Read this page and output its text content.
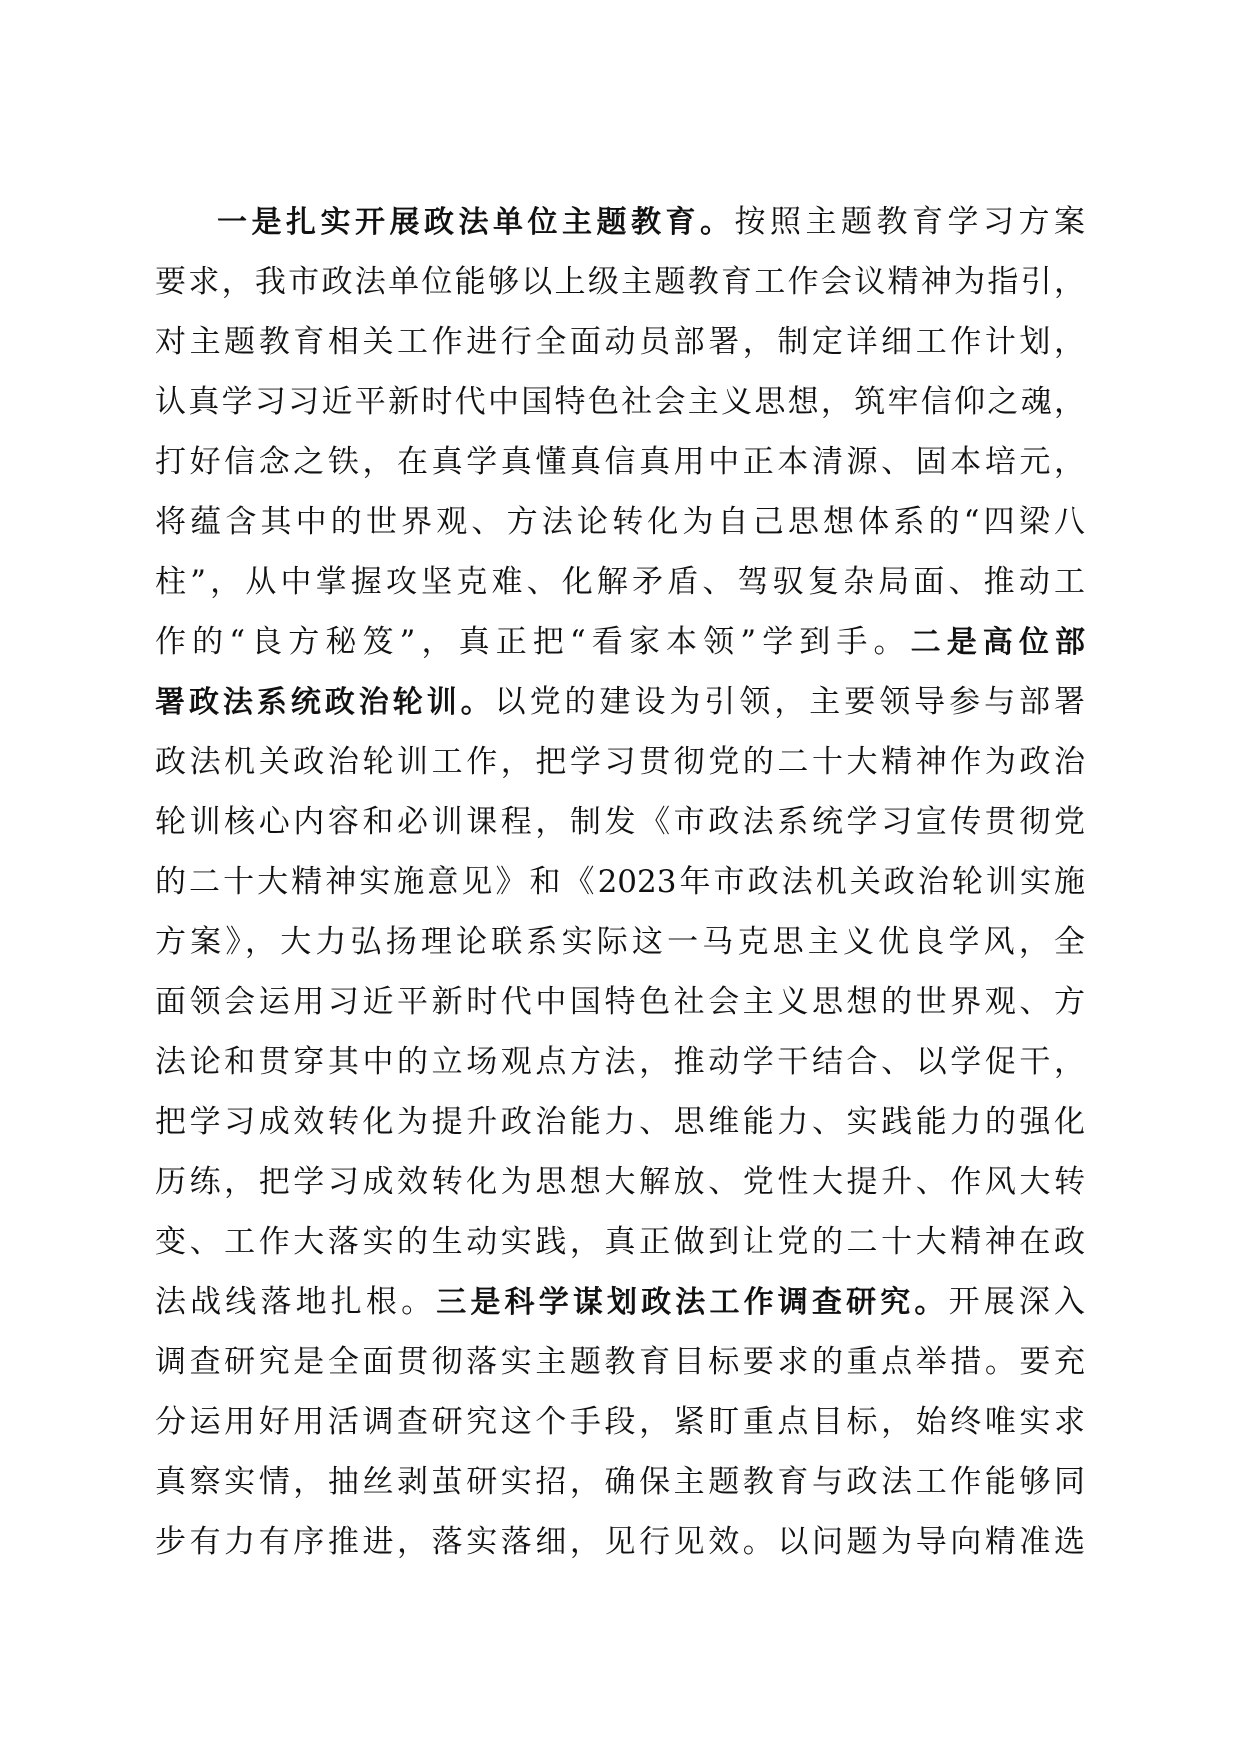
一是扎实开展政法单位主题教育。按照主题教育学习方案
要求，我市政法单位能够以上级主题教育工作会议精神为指引，
对主题教育相关工作进行全面动员部署，制定详细工作计划，
认真学习习近平新时代中国特色社会主义思想，筑牢信仰之魂，
打好信念之铁，在真学真懂真信真用中正本清源、固本培元，
将蕴含其中的世界观、方法论转化为自己思想体系的“四梁八
柱”，从中掌握攻坚克难、化解矛盾、驾驭复杂局面、推动工
作的“良方秘笈”，真正把“看家本领”学到手。二是高位部
署政法系统政治轮训。以党的建设为引领，主要领导参与部署
政法机关政治轮训工作，把学习贯彻党的二十大精神作为政治
轮训核心内容和必训课程，制发《市政法系统学习宣传贯彻党
的二十大精神实施意见》和《2023年市政法机关政治轮训实施
方案》，大力弘扬理论联系实际这一马克思主义优良学风，全
面领会运用习近平新时代中国特色社会主义思想的世界观、方
法论和贯穿其中的立场观点方法，推动学干结合、以学促干，
把学习成效转化为提升政治能力、思维能力、实践能力的强化
历练，把学习成效转化为思想大解放、党性大提升、作风大转
变、工作大落实的生动实践，真正做到让党的二十大精神在政
法战线落地扎根。三是科学谋划政法工作调查研究。开展深入
调查研究是全面贯彻落实主题教育目标要求的重点举措。要充
分运用好用活调查研究这个手段，紧盯重点目标，始终唯实求
真察实情，抽丝剥茧研实招，确保主题教育与政法工作能够同
步有力有序推进，落实落细，见行见效。以问题为导向精准选
